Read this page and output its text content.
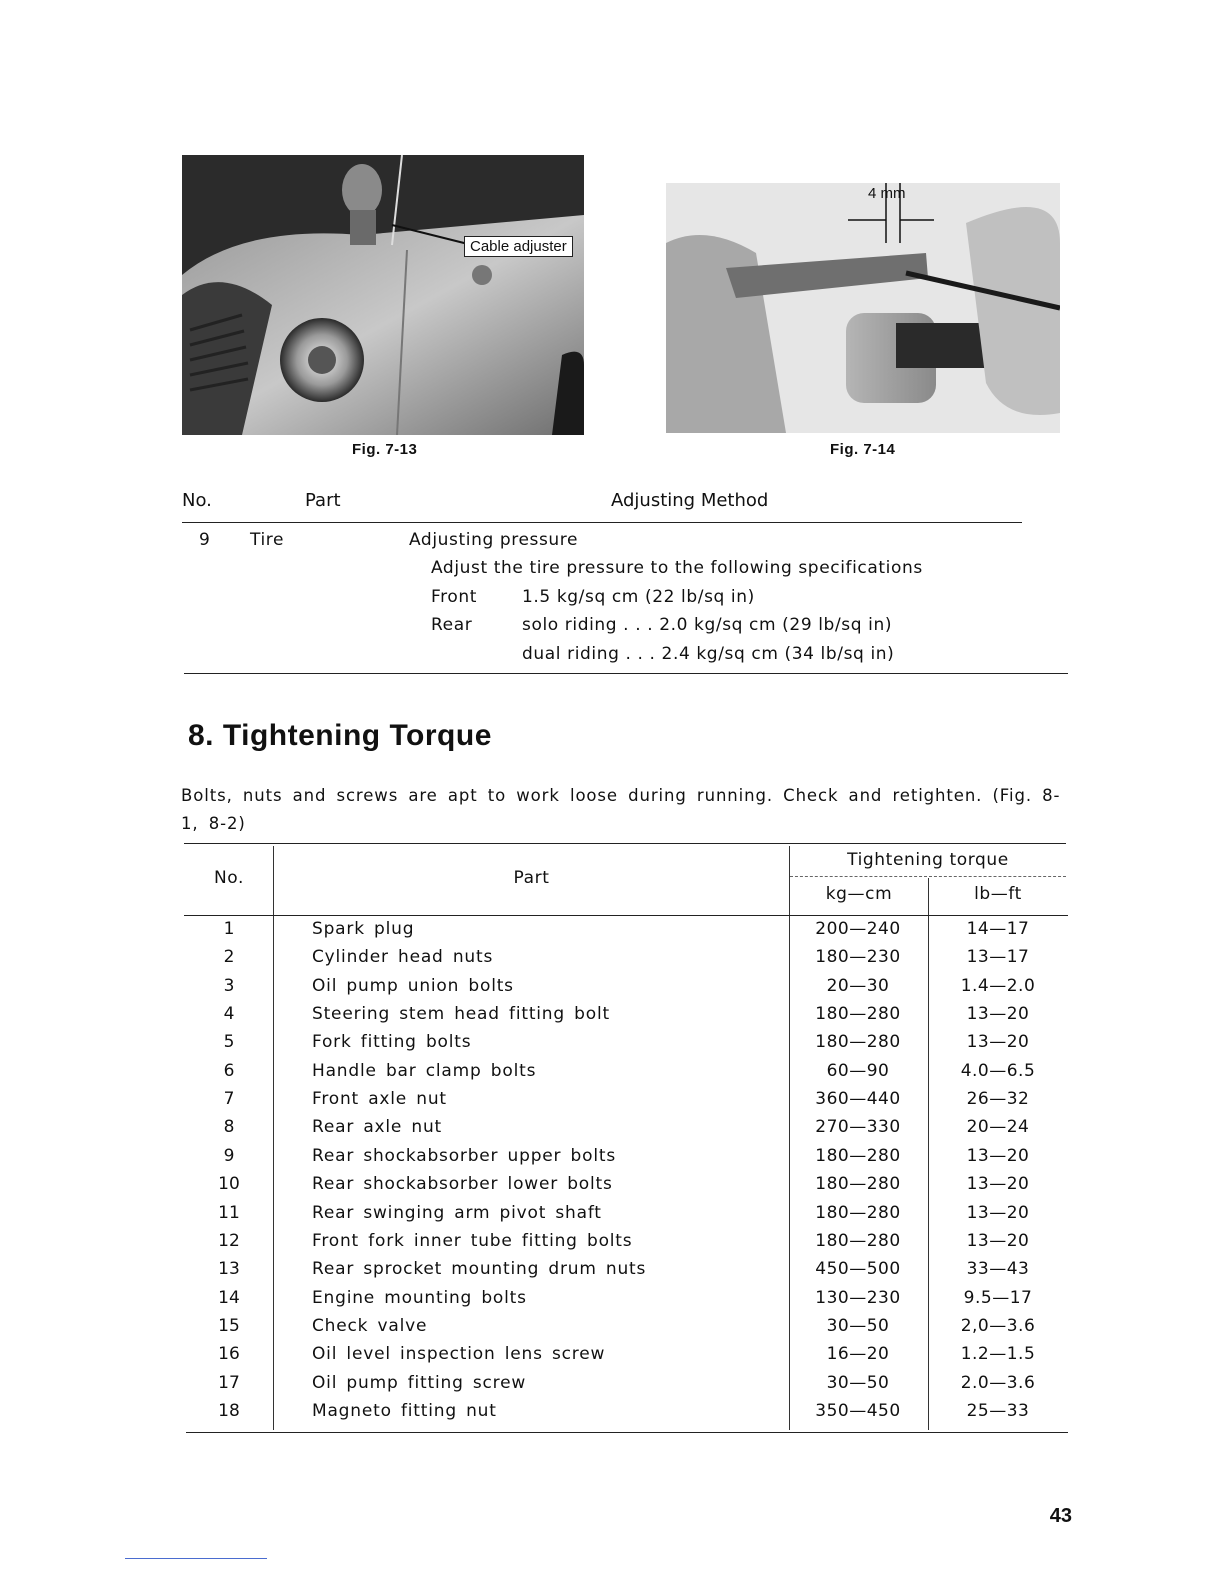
Cable adjuster
Fig. 7-13
4 mm
Fig. 7-14
No.	Part	Adjusting Method
9 Tire	Adjusting pressure
Adjust the tire pressure to the following specifications
Front	1.5 kg/sq cm (22 lb/sq in)
Rear	solo riding . . . 2.0 kg/sq cm (29 lb/sq in)
dual riding . . . 2.4 kg/sq cm (34 lb/sq in)
8. Tightening Torque
Bolts, nuts and screws are apt to work loose during running. Check and retighten. (Fig. 8-1, 8-2)
No.	Part
Tightening torque
kg—cm	lb—ft
1	Spark plug	200—240	14—17
2	Cylinder head nuts	180—230	13—17
3	Oil pump union bolts	20—30	1.4—2.0
4	Steering stem head fitting bolt	180—280	13—20
5	Fork fitting bolts	180—280	13—20
6	Handle bar clamp bolts	60—90	4.0—6.5
7	Front axle nut	360—440	26—32
8	Rear axle nut	270—330	20—24
9	Rear shockabsorber upper bolts	180—280	13—20
10	Rear shockabsorber lower bolts	180—280	13—20
11	Rear swinging arm pivot shaft	180—280	13—20
12	Front fork inner tube fitting bolts	180—280	13—20
13	Rear sprocket mounting drum nuts	450—500	33—43
14	Engine mounting bolts	130—230	9.5—17
15	Check valve	30—50	2,0—3.6
16	Oil level inspection lens screw	16—20	1.2—1.5
17	Oil pump fitting screw	30—50	2.0—3.6
18	Magneto fitting nut	350—450	25—33
43
